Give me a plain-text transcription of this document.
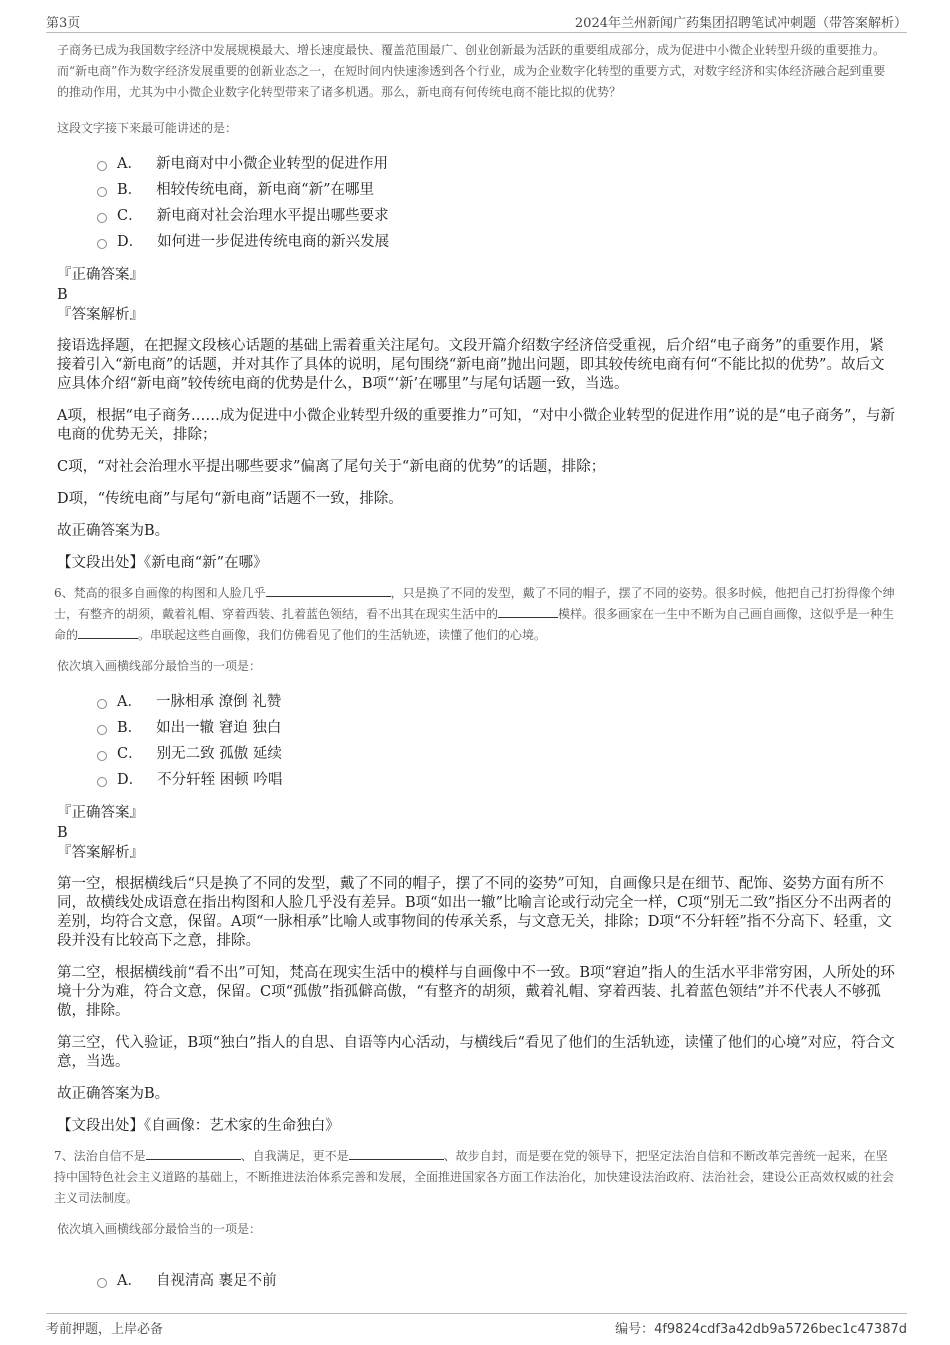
第3页	2024年兰州新闻广药集团招聘笔试冲刺题（带答案解析）

子商务已成为我国数字经济中发展规模最大、增长速度最快、覆盖范围最广、创业创新最为活跃的重要组成部分，成为促进中小微企业转型升级的重要推力。而“新电商”作为数字经济发展重要的创新业态之一，在短时间内快速渗透到各个行业，成为企业数字化转型的重要方式，对数字经济和实体经济融合起到重要的推动作用，尤其为中小微企业数字化转型带来了诸多机遇。那么，新电商有何传统电商不能比拟的优势？

这段文字接下来最可能讲述的是：

A． 新电商对中小微企业转型的促进作用
B． 相较传统电商，新电商“新”在哪里
C． 新电商对社会治理水平提出哪些要求
D． 如何进一步促进传统电商的新兴发展
『正确答案』
B
『答案解析』

接语选择题，在把握文段核心话题的基础上需着重关注尾句。文段开篇介绍数字经济倍受重视，后介绍“电子商务”的重要作用，紧接着引入“新电商”的话题，并对其作了具体的说明，尾句围绕“新电商”抛出问题，即其较传统电商有何“不能比拟的优势”。故后文应具体介绍“新电商”较传统电商的优势是什么，B项“‘新’在哪里”与尾句话题一致，当选。

A项，根据“电子商务……成为促进中小微企业转型升级的重要推力”可知，“对中小微企业转型的促进作用”说的是“电子商务”，与新电商的优势无关，排除；

C项，“对社会治理水平提出哪些要求”偏离了尾句关于“新电商的优势”的话题，排除；

D项，“传统电商”与尾句“新电商”话题不一致，排除。

故正确答案为B。

【文段出处】《新电商“新”在哪》

6、梵高的很多自画像的构图和人脸几乎	，只是换了不同的发型，戴了不同的帽子，摆了不同的姿势。很多时候，他把自己打扮得像个绅士，有整齐的胡须，戴着礼帽、穿着西装、扎着蓝色领结，看不出其在现实生活中的	模样。很多画家在一生中不断为自己画自画像，这似乎是一种生命的	。串联起这些自画像，我们仿佛看见了他们的生活轨迹，读懂了他们的心境。

依次填入画横线部分最恰当的一项是：

A． 一脉相承 潦倒 礼赞
B． 如出一辙 窘迫 独白
C． 别无二致 孤傲 延续
D． 不分轩轾 困顿 吟唱
『正确答案』
B
『答案解析』

第一空，根据横线后“只是换了不同的发型，戴了不同的帽子，摆了不同的姿势”可知，自画像只是在细节、配饰、姿势方面有所不同，故横线处成语意在指出构图和人脸几乎没有差异。B项“如出一辙”比喻言论或行动完全一样，C项“别无二致”指区分不出两者的差别，均符合文意，保留。A项“一脉相承”比喻人或事物间的传承关系，与文意无关，排除；D项“不分轩轾”指不分高下、轻重，文段并没有比较高下之意，排除。

第二空，根据横线前“看不出”可知，梵高在现实生活中的模样与自画像中不一致。B项“窘迫”指人的生活水平非常穷困，人所处的环境十分为难，符合文意，保留。C项“孤傲”指孤僻高傲，“有整齐的胡须，戴着礼帽、穿着西装、扎着蓝色领结”并不代表人不够孤傲，排除。

第三空，代入验证，B项“独白”指人的自思、自语等内心活动，与横线后“看见了他们的生活轨迹，读懂了他们的心境”对应，符合文意，当选。

故正确答案为B。

【文段出处】《自画像：艺术家的生命独白》

7、法治自信不是	、自我满足，更不是	、故步自封，而是要在党的领导下，把坚定法治自信和不断改革完善统一起来，在坚持中国特色社会主义道路的基础上，不断推进法治体系完善和发展，全面推进国家各方面工作法治化，加快建设法治政府、法治社会，建设公正高效权威的社会主义司法制度。

依次填入画横线部分最恰当的一项是：

A． 自视清高 裹足不前
考前押题，上岸必备	编号：4f9824cdf3a42db9a5726bec1c47387d
